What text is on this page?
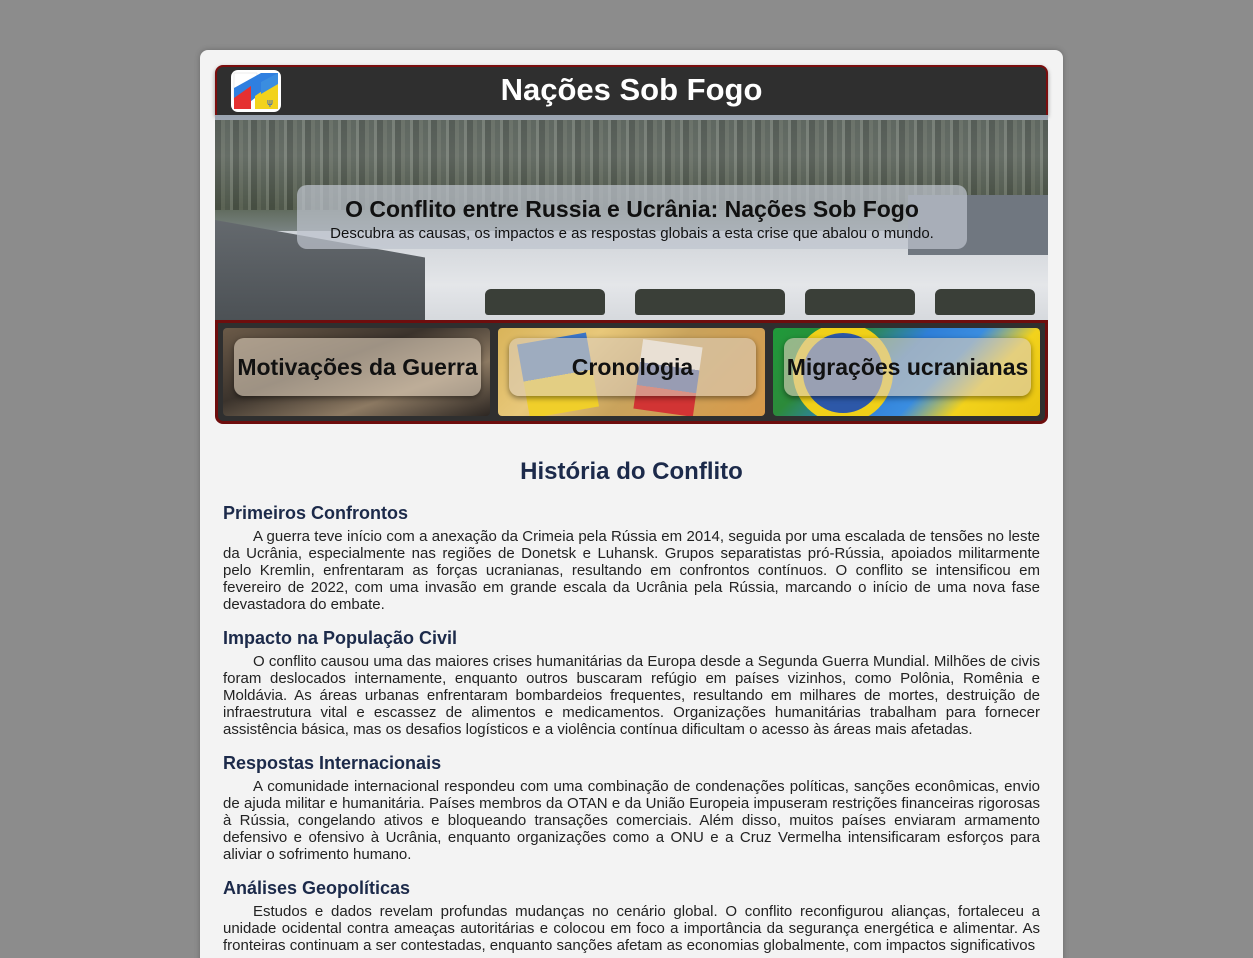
ψ	Nações Sob Fogo
O Conflito entre Russia e Ucrânia: Nações Sob Fogo
Descubra as causas, os impactos e as respostas globais a esta crise que abalou o mundo.
Motivações da Guerra	Cronologia	Migrações ucranianas
História do Conflito
Primeiros Confrontos

A guerra teve início com a anexação da Crimeia pela Rússia em 2014, seguida por uma escalada de tensões no leste da Ucrânia, especialmente nas regiões de Donetsk e Luhansk. Grupos separatistas pró-Rússia, apoiados militarmente pelo Kremlin, enfrentaram as forças ucranianas, resultando em confrontos contínuos. O conflito se intensificou em fevereiro de 2022, com uma invasão em grande escala da Ucrânia pela Rússia, marcando o início de uma nova fase devastadora do embate.

Impacto na População Civil

O conflito causou uma das maiores crises humanitárias da Europa desde a Segunda Guerra Mundial. Milhões de civis foram deslocados internamente, enquanto outros buscaram refúgio em países vizinhos, como Polônia, Romênia e Moldávia. As áreas urbanas enfrentaram bombardeios frequentes, resultando em milhares de mortes, destruição de infraestrutura vital e escassez de alimentos e medicamentos. Organizações humanitárias trabalham para fornecer assistência básica, mas os desafios logísticos e a violência contínua dificultam o acesso às áreas mais afetadas.

Respostas Internacionais

A comunidade internacional respondeu com uma combinação de condenações políticas, sanções econômicas, envio de ajuda militar e humanitária. Países membros da OTAN e da União Europeia impuseram restrições financeiras rigorosas à Rússia, congelando ativos e bloqueando transações comerciais. Além disso, muitos países enviaram armamento defensivo e ofensivo à Ucrânia, enquanto organizações como a ONU e a Cruz Vermelha intensificaram esforços para aliviar o sofrimento humano.

Análises Geopolíticas

Estudos e dados revelam profundas mudanças no cenário global. O conflito reconfigurou alianças, fortaleceu a unidade ocidental contra ameaças autoritárias e colocou em foco a importância da segurança energética e alimentar. As fronteiras continuam a ser contestadas, enquanto sanções afetam as economias globalmente, com impactos significativos
